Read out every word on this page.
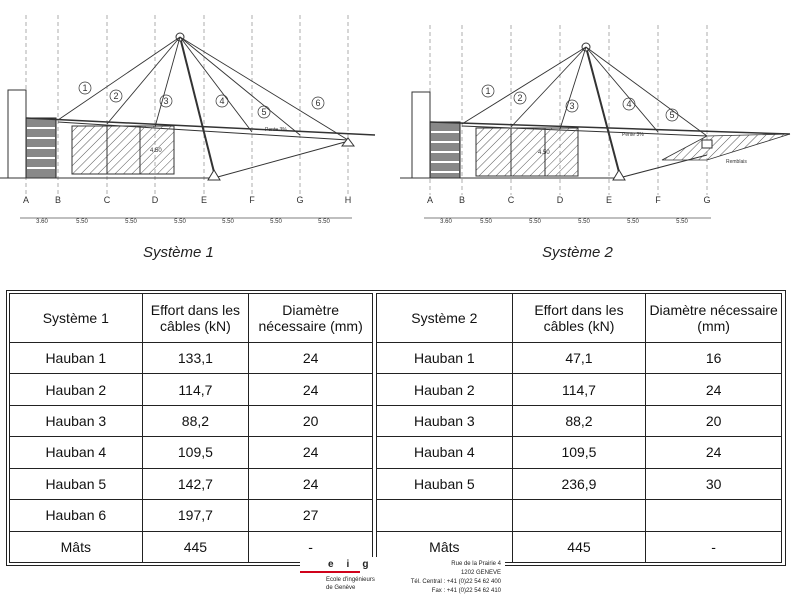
4.50
Pente 3%
1
2	3	4
5
6
A	B	C	D	E	F	G	H
3.60	5.50	5.50	5.50	5.50	5.50	5.50
Système 1
4.50
Pente 3%
Remblais
1
2
3	4
5
A	B	C	D	E	F	G
3.60	5.50	5.50	5.50	5.50	5.50
Système 2
Système 1	Effort dans les câbles (kN)	Diamètre nécessaire (mm)
Hauban 1	133,1	24
Hauban 2	114,7	24
Hauban 3	88,2	20
Hauban 4	109,5	24
Hauban 5	142,7	24
Hauban 6	197,7	27
Mâts	445	-
Système 2	Effort dans les câbles (kN)	Diamètre nécessaire (mm)
Hauban 1	47,1	16
Hauban 2	114,7	24
Hauban 3	88,2	20
Hauban 4	109,5	24
Hauban 5	236,9	30

Mâts	445	-
eig
Ecole d'ingénieurs
de Genève
Rue de la Prairie 4
1202 GENEVE
Tél. Central : +41 (0)22 54 62 400
Fax : +41 (0)22 54 62 410
